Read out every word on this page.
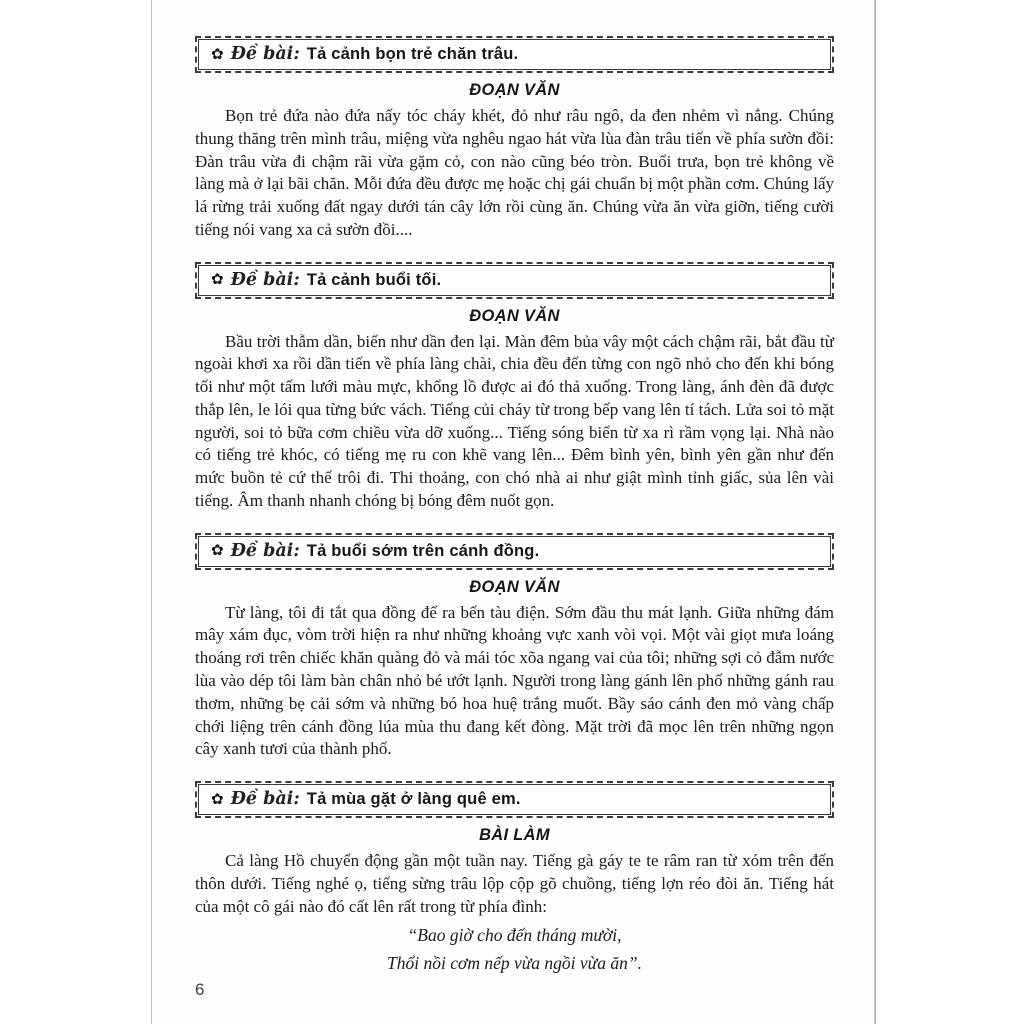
✿ Đề bài: Tả cảnh bọn trẻ chăn trâu.
ĐOẠN VĂN

Bọn trẻ đứa nào đứa nấy tóc cháy khét, đỏ như râu ngô, da đen nhẻm vì nắng. Chúng thung thăng trên mình trâu, miệng vừa nghêu ngao hát vừa lùa đàn trâu tiến về phía sườn đồi: Đàn trâu vừa đi chậm rãi vừa gặm cỏ, con nào cũng béo tròn. Buổi trưa, bọn trẻ không về làng mà ở lại bãi chăn. Mỗi đứa đều được mẹ hoặc chị gái chuẩn bị một phần cơm. Chúng lấy lá rừng trải xuống đất ngay dưới tán cây lớn rồi cùng ăn. Chúng vừa ăn vừa giỡn, tiếng cười tiếng nói vang xa cả sườn đồi....

✿ Đề bài: Tả cảnh buổi tối.
ĐOẠN VĂN

Bầu trời thẫm dần, biển như dần đen lại. Màn đêm bủa vây một cách chậm rãi, bắt đầu từ ngoài khơi xa rồi dần tiến về phía làng chài, chia đều đến từng con ngõ nhỏ cho đến khi bóng tối như một tấm lưới màu mực, khổng lồ được ai đó thả xuống. Trong làng, ánh đèn đã được thắp lên, le lói qua từng bức vách. Tiếng củi cháy từ trong bếp vang lên tí tách. Lửa soi tỏ mặt người, soi tỏ bữa cơm chiều vừa dỡ xuống... Tiếng sóng biển từ xa rì rầm vọng lại. Nhà nào có tiếng trẻ khóc, có tiếng mẹ ru con khẽ vang lên... Đêm bình yên, bình yên gần như đến mức buồn tẻ cứ thế trôi đi. Thi thoảng, con chó nhà ai như giật mình tỉnh giấc, sủa lên vài tiếng. Âm thanh nhanh chóng bị bóng đêm nuốt gọn.

✿ Đề bài: Tả buổi sớm trên cánh đồng.
ĐOẠN VĂN

Từ làng, tôi đi tắt qua đồng để ra bến tàu điện. Sớm đầu thu mát lạnh. Giữa những đám mây xám đục, vòm trời hiện ra như những khoảng vực xanh vòi vọi. Một vài giọt mưa loáng thoáng rơi trên chiếc khăn quàng đỏ và mái tóc xõa ngang vai của tôi; những sợi cỏ đẫm nước lùa vào dép tôi làm bàn chân nhỏ bé ướt lạnh. Người trong làng gánh lên phố những gánh rau thơm, những bẹ cải sớm và những bó hoa huệ trắng muốt. Bầy sáo cánh đen mỏ vàng chấp chới liệng trên cánh đồng lúa mùa thu đang kết đòng. Mặt trời đã mọc lên trên những ngọn cây xanh tươi của thành phố.

✿ Đề bài: Tả mùa gặt ở làng quê em.
BÀI LÀM

Cả làng Hồ chuyển động gần một tuần nay. Tiếng gà gáy te te râm ran từ xóm trên đến thôn dưới. Tiếng nghé ọ, tiếng sừng trâu lộp cộp gõ chuồng, tiếng lợn réo đòi ăn. Tiếng hát của một cô gái nào đó cất lên rất trong từ phía đình:

“Bao giờ cho đến tháng mười,
Thổi nồi cơm nếp vừa ngồi vừa ăn”.
6
